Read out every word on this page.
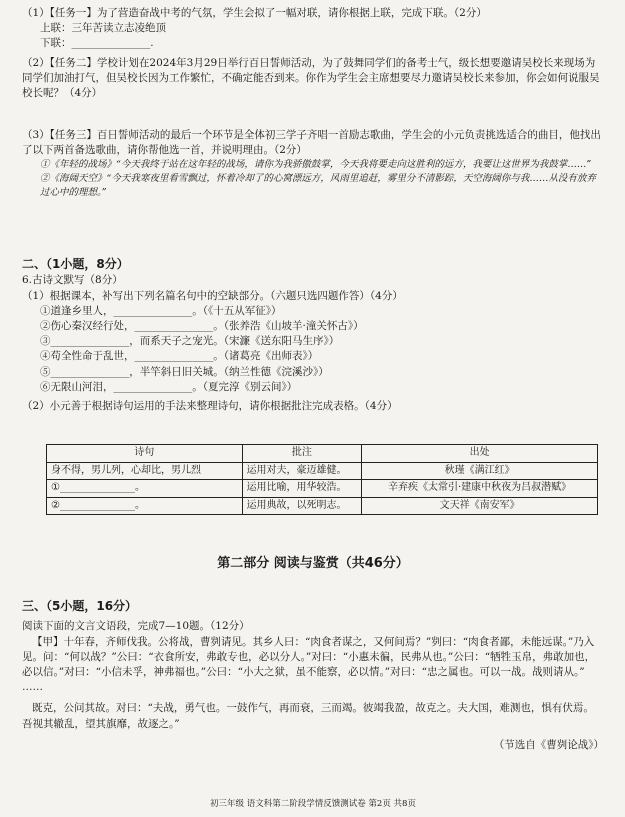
（1）【任务一】为了营造奋战中考的气氛，学生会拟了一幅对联，请你根据上联，完成下联。（2分）

上联：三年苦读立志凌绝顶

下联：_______________.

（2）【任务二】学校计划在2024年3月29日举行百日誓师活动，为了鼓舞同学们的备考士气，级长想要邀请吴校长来现场为同学们加油打气，但吴校长因为工作繁忙，不确定能否到来。你作为学生会主席想要尽力邀请吴校长来参加，你会如何说服吴校长呢？（4分）

（3）【任务三】百日誓师活动的最后一个环节是全体初三学子齐唱一首励志歌曲，学生会的小元负责挑选适合的曲目，他找出了以下两首备选歌曲，请你帮他选一首，并说明理由。（2分）

①《年轻的战场》“今天我终于站在这年轻的战场，请你为我骄傲鼓掌，今天我将要走向这胜利的远方，我要让这世界为我鼓掌……”

②《海阔天空》“今天我寒夜里看雪飘过，怀着冷却了的心窝漂远方，风雨里追赶，雾里分不清影踪，天空海阔你与我……从没有放弃过心中的理想。”

二、（1小题，8分）

6.古诗文默写（8分）

（1）根据课本，补写出下列名篇名句中的空缺部分。（六题只选四题作答）（4分）

①道逢乡里人，_______________。（《十五从军征》）

②伤心秦汉经行处，_______________。（张养浩《山坡羊·潼关怀古》）

③_______________，而系天子之宠光。（宋濂《送东阳马生序》）

④苟全性命于乱世，_______________。（诸葛亮《出师表》）

⑤_______________，半竿斜日旧关城。（纳兰性德《浣溪沙》）

⑥无限山河泪，_______________。（夏完淳《别云间》）

（2）小元善于根据诗句运用的手法来整理诗句，请你根据批注完成表格。（4分）

诗句	批注	出处
身不得，男儿列，心却比，男儿烈	运用对夫，豪迈雄健。	秋瑾《满江红》
①_______________。	运用比喻，用华较浩。	辛弃疾《太常引·建康中秋夜为吕叔潜赋》
②_______________。	运用典故，以死明志。	文天祥《南安军》

第二部分 阅读与鉴赏（共46分）

三、（5小题，16分）

阅读下面的文言文语段，完成7—10题。（12分）

【甲】十年春，齐师伐我。公将战，曹刿请见。其乡人曰：“肉食者谋之，又何间焉？”刿曰：“肉食者鄙，未能远谋。”乃入见。问：“何以战？”公曰：“衣食所安，弗敢专也，必以分人。”对曰：“小惠未徧，民弗从也。”公曰：“牺牲玉帛，弗敢加也，必以信。”对曰：“小信未孚，神弗福也。”公曰：“小大之狱，虽不能察，必以情。”对曰：“忠之属也。可以一战。战则请从。”

……

既克，公问其故。对曰：“夫战，勇气也。一鼓作气，再而衰，三而竭。彼竭我盈，故克之。夫大国，难测也，惧有伏焉。吾视其辙乱，望其旗靡，故逐之。”

（节选自《曹刿论战》）

初三年级 语文科第二阶段学情反馈测试卷 第2页 共8页
